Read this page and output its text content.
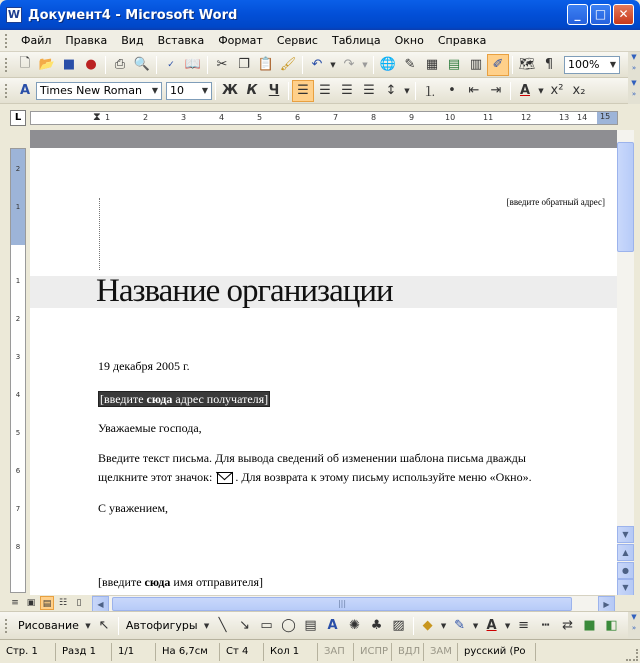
W Документ4 - Microsoft Word	_	□	✕
Файл	Правка	Вид	Вставка	Формат	Сервис	Таблица	Окно	Справка
🗋 📂 ■ ●	⎙ 🔍	✓ 📖	✂ ❐ 📋 🖌	↶	▼ ↷	▼ 🌐 ✎ ▦ ▤ ▥ ✐	🗺 ¶	100%	▼
▼
»
A Times New Roman	▼ 10	▼ Ж К Ч	☰ ☰ ☰ ☰ ↕	▼	⒈ • ⇤ ⇥	A	▼ x² x₂	▼
»
L	1	2	3	4	5	6	7	8	9	10	11	12	13 14 15
⧗
2
1
1
2
3
4
5
6
7
8
[введите обратный адрес]
Название организации
19 декабря 2005 г.
[введите сюда адрес получателя]
Уважаемые господа,
Введите текст письма. Для вывода сведений об изменении шаблона письма дважды
щелкните этот значок: . Для возврата к этому письму используйте меню «Окно».
С уважением,
[введите сюда имя отправителя]
▼
▲
●
▼
≡ ▣ ▤ ☷	▯	◀	|||	▶
Рисование ▼ ↖	Автофигуры ▼ ╲ ↘ ▭ ◯ ▤ A ✺ ♣ ▨	◆	▼ ✎	▼ A	▼ ≡ ┅ ⇄ ■ ◧
▼
»
Стр. 1	Разд 1	1/1	На 6,7см	Ст 4	Кол 1	ЗАП	ИСПР ВДЛ ЗАМ	русский (Ро
